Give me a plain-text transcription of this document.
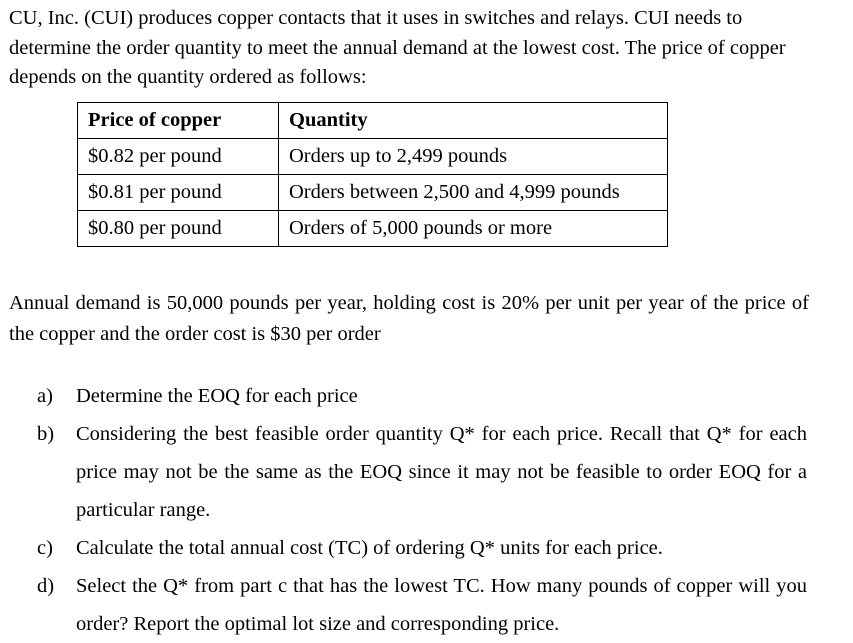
CU, Inc. (CUI) produces copper contacts that it uses in switches and relays. CUI needs to determine the order quantity to meet the annual demand at the lowest cost. The price of copper depends on the quantity ordered as follows:

Price of copper	Quantity
$0.82 per pound	Orders up to 2,499 pounds
$0.81 per pound	Orders between 2,500 and 4,999 pounds
$0.80 per pound	Orders of 5,000 pounds or more

Annual demand is 50,000 pounds per year, holding cost is 20% per unit per year of the price of the copper and the order cost is $30 per order

a) Determine the EOQ for each price
b) Considering the best feasible order quantity Q* for each price. Recall that Q* for each price may not be the same as the EOQ since it may not be feasible to order EOQ for a particular range.
c) Calculate the total annual cost (TC) of ordering Q* units for each price.
d) Select the Q* from part c that has the lowest TC. How many pounds of copper will you order? Report the optimal lot size and corresponding price.
